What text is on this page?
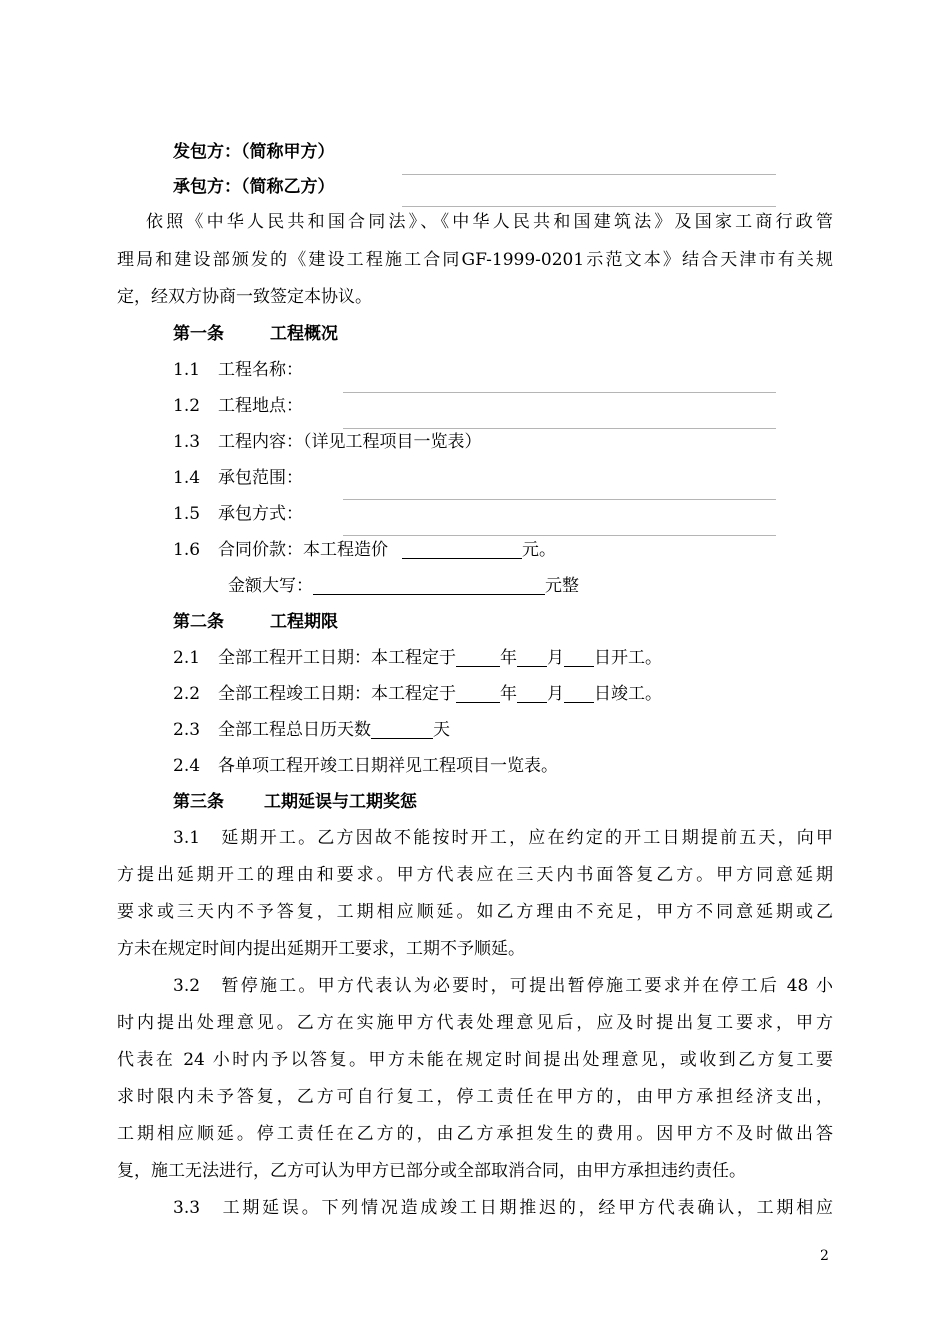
发包方：（简称甲方）
承包方：（简称乙方）
依照《中华人民共和国合同法》、《中华人民共和国建筑法》及国家工商行政管
理局和建设部颁发的《建设工程施工合同GF-1999-0201示范文本》结合天津市有关规
定，经双方协商一致签定本协议。
第一条	工程概况
1.1 工程名称：
1.2 工程地点：
1.3 工程内容：（详见工程项目一览表）
1.4 承包范围：
1.5 承包方式：
1.6 合同价款：本工程造价	元。
金额大写：	元整
第二条	工程期限
2.1 全部工程开工日期：本工程定于	年 月 日开工。
2.2 全部工程竣工日期：本工程定于	年 月 日竣工。
2.3 全部工程总日历天数	天
2.4 各单项工程开竣工日期祥见工程项目一览表。
第三条 工期延误与工期奖惩
3.1　延期开工。乙方因故不能按时开工，应在约定的开工日期提前五天，向甲
方提出延期开工的理由和要求。甲方代表应在三天内书面答复乙方。甲方同意延期
要求或三天内不予答复，工期相应顺延。如乙方理由不充足，甲方不同意延期或乙
方未在规定时间内提出延期开工要求，工期不予顺延。
3.2　暂停施工。甲方代表认为必要时，可提出暂停施工要求并在停工后 48 小
时内提出处理意见。乙方在实施甲方代表处理意见后，应及时提出复工要求，甲方
代表在 24 小时内予以答复。甲方未能在规定时间提出处理意见，或收到乙方复工要
求时限内未予答复，乙方可自行复工，停工责任在甲方的，由甲方承担经济支出，
工期相应顺延。停工责任在乙方的，由乙方承担发生的费用。因甲方不及时做出答
复，施工无法进行，乙方可认为甲方已部分或全部取消合同，由甲方承担违约责任。
3.3　工期延误。下列情况造成竣工日期推迟的，经甲方代表确认，工期相应
2
